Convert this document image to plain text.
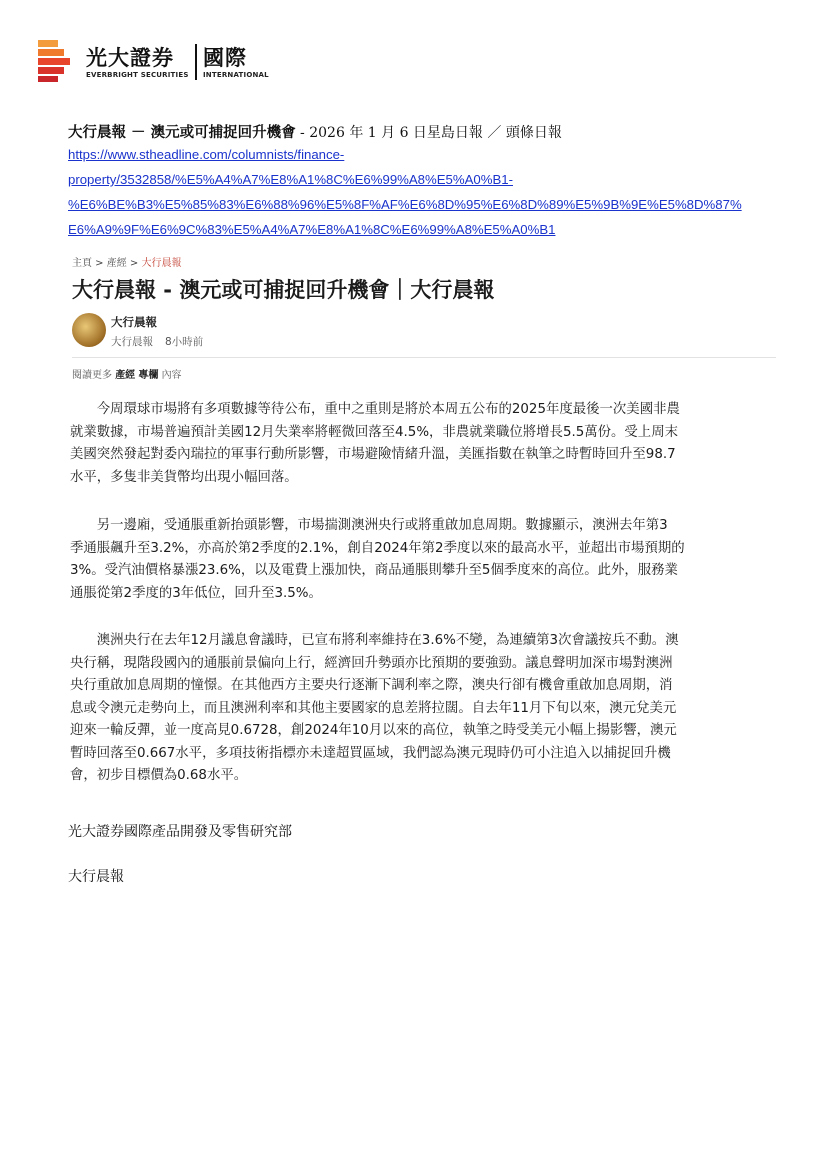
光大證券
EVERBRIGHT SECURITIES
國際
INTERNATIONAL
大行晨報 － 澳元或可捕捉回升機會 - 2026 年 1 月 6 日星島日報 ／ 頭條日報
https://www.stheadline.com/columnists/finance-
property/3532858/%E5%A4%A7%E8%A1%8C%E6%99%A8%E5%A0%B1-
%E6%BE%B3%E5%85%83%E6%88%96%E5%8F%AF%E6%8D%95%E6%8D%89%E5%9B%9E%E5%8D%87%
E6%A9%9F%E6%9C%83%E5%A4%A7%E8%A1%8C%E6%99%A8%E5%A0%B1
主頁 > 產經 > 大行晨報
大行晨報 - 澳元或可捕捉回升機會｜大行晨報
大行晨報
大行晨報 8小時前
閱讀更多 產經 專欄 內容
　　今周環球市場將有多項數據等待公布，重中之重則是將於本周五公布的2025年度最後一次美國非農
就業數據，市場普遍預計美國12月失業率將輕微回落至4.5%，非農就業職位將增長5.5萬份。受上周末
美國突然發起對委內瑞拉的軍事行動所影響，市場避險情緒升溫，美匯指數在執筆之時暫時回升至98.7
水平，多隻非美貨幣均出現小幅回落。
　　另一邊廂，受通脹重新抬頭影響，市場揣測澳洲央行或將重啟加息周期。數據顯示，澳洲去年第3
季通脹飆升至3.2%，亦高於第2季度的2.1%，創自2024年第2季度以來的最高水平，並超出市場預期的
3%。受汽油價格暴漲23.6%，以及電費上漲加快，商品通脹則攀升至5個季度來的高位。此外，服務業
通脹從第2季度的3年低位，回升至3.5%。
　　澳洲央行在去年12月議息會議時，已宣布將利率維持在3.6%不變，為連續第3次會議按兵不動。澳
央行稱，現階段國內的通脹前景偏向上行，經濟回升勢頭亦比預期的要強勁。議息聲明加深市場對澳洲
央行重啟加息周期的憧憬。在其他西方主要央行逐漸下調利率之際，澳央行卻有機會重啟加息周期，消
息或令澳元走勢向上，而且澳洲利率和其他主要國家的息差將拉闊。自去年11月下旬以來，澳元兌美元
迎來一輪反彈，並一度高見0.6728，創2024年10月以來的高位，執筆之時受美元小幅上揚影響，澳元
暫時回落至0.667水平，多項技術指標亦未達超買區域，我們認為澳元現時仍可小注追入以捕捉回升機
會，初步目標價為0.68水平。
光大證券國際產品開發及零售研究部
大行晨報
